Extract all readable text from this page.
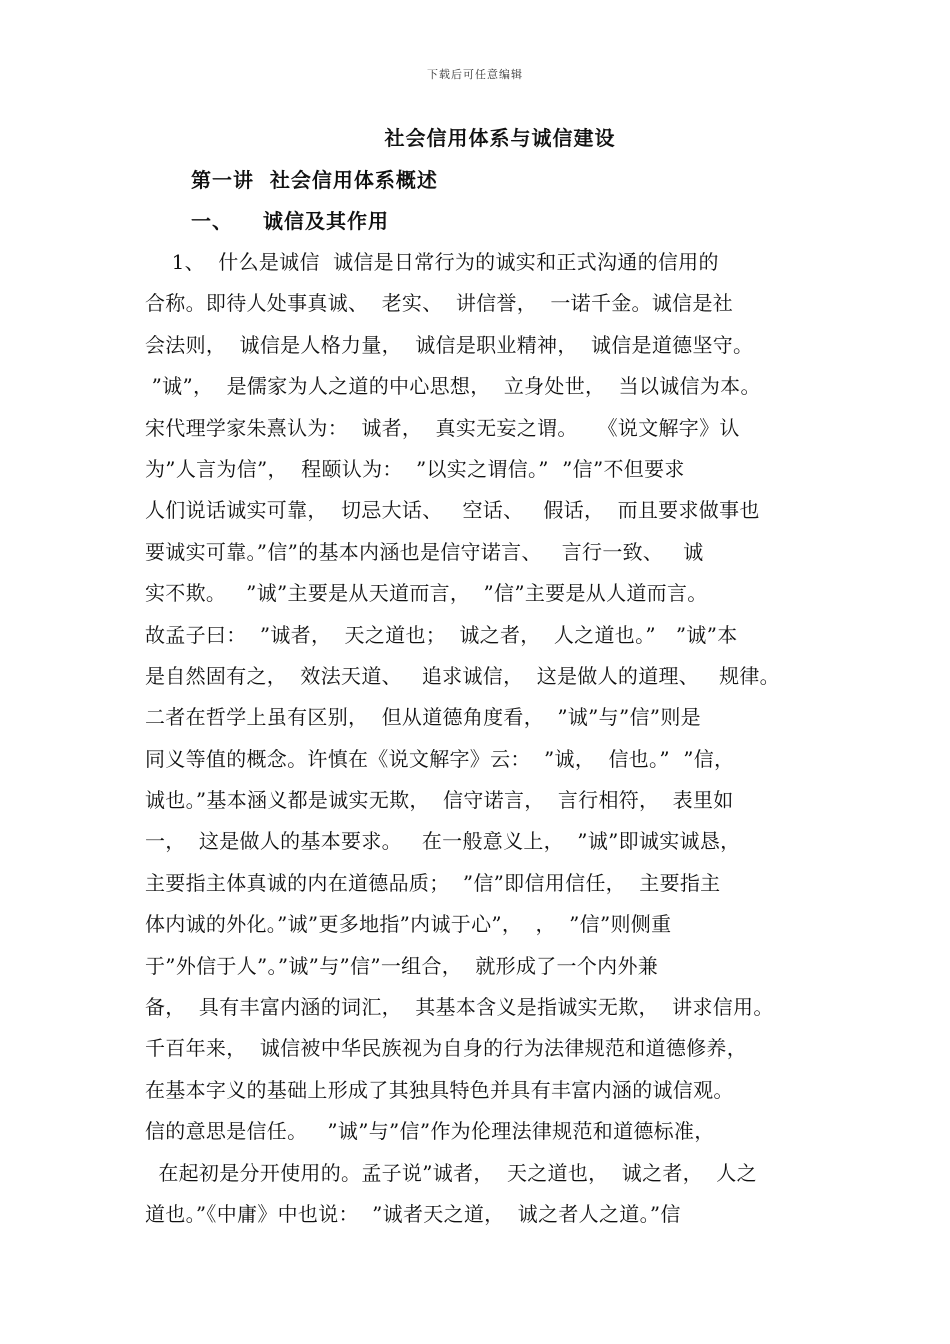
下载后可任意编辑
社会信用体系与诚信建设
第一讲  社会信用体系概述
一、 诚信及其作用
1、  什么是诚信  诚信是日常行为的诚实和正式沟通的信用的
合称。即待人处事真诚、  老实、  讲信誉，  一诺千金。诚信是社
会法则，  诚信是人格力量，  诚信是职业精神，  诚信是道德坚守。
”诚”，  是儒家为人之道的中心思想，  立身处世，  当以诚信为本。
宋代理学家朱熹认为：  诚者，  真实无妄之谓。   《说文解字》认
为”人言为信”，  程颐认为：  ”以实之谓信。”  ”信”不但要求
人们说话诚实可靠，  切忌大话、   空话、   假话，  而且要求做事也
要诚实可靠。”信”的基本内涵也是信守诺言、   言行一致、   诚
实不欺。   ”诚”主要是从天道而言，  ”信”主要是从人道而言。
故孟子曰：  ”诚者，  天之道也；  诚之者，  人之道也。”   ”诚”本
是自然固有之，  效法天道、   追求诚信，  这是做人的道理、   规律。
二者在哲学上虽有区别，  但从道德角度看，  ”诚”与”信”则是
同义等值的概念。许慎在《说文解字》云：  ”诚，  信也。”  ”信，
诚也。”基本涵义都是诚实无欺，  信守诺言，  言行相符，  表里如
一，  这是做人的基本要求。   在一般意义上，  ”诚”即诚实诚恳，
主要指主体真诚的内在道德品质；  ”信”即信用信任，  主要指主
体内诚的外化。”诚”更多地指”内诚于心”，  ，  ”信”则侧重
于”外信于人”。”诚”与”信”一组合，  就形成了一个内外兼
备，  具有丰富内涵的词汇，  其基本含义是指诚实无欺，  讲求信用。
千百年来，  诚信被中华民族视为自身的行为法律规范和道德修养，
在基本字义的基础上形成了其独具特色并具有丰富内涵的诚信观。
信的意思是信任。   ”诚”与”信”作为伦理法律规范和道德标准，
在起初是分开使用的。孟子说”诚者，  天之道也，  诚之者，  人之
道也。”《中庸》中也说：  ”诚者天之道，  诚之者人之道。”信
